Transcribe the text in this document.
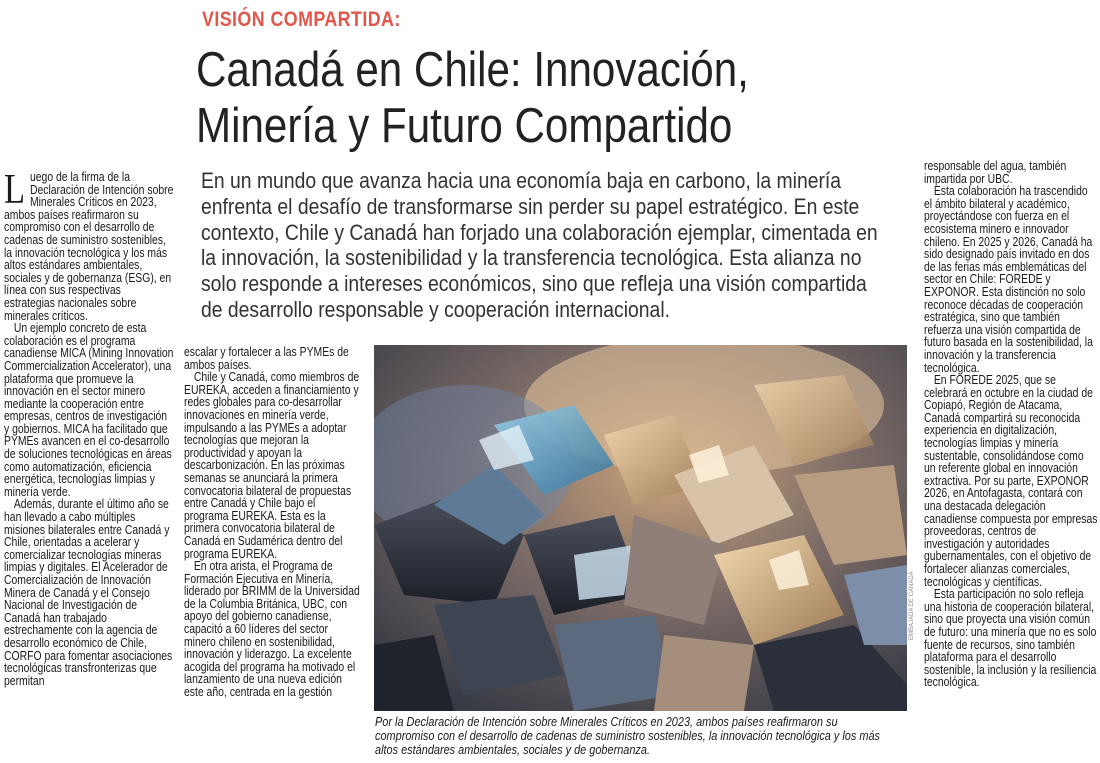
VISIÓN COMPARTIDA:
Canadá en Chile: Innovación,
Minería y Futuro Compartido

En un mundo que avanza hacia una economía baja en carbono, la minería enfrenta el desafío de transformarse sin perder su papel estratégico. En este contexto, Chile y Canadá han forjado una colaboración ejemplar, cimentada en la innovación, la sostenibilidad y la transferencia tecnológica. Esta alianza no solo responde a intereses económicos, sino que refleja una visión compartida de desarrollo responsable y cooperación internacional.

Luego de la firma de la Declaración de Intención sobre Minerales Críticos en 2023, ambos países reafirmaron su compromiso con el desarrollo de cadenas de suministro sostenibles, la innovación tecnológica y los más altos estándares ambientales, sociales y de gobernanza (ESG), en línea con sus respectivas estrategias nacionales sobre minerales críticos.

Un ejemplo concreto de esta colaboración es el programa canadiense MICA (Mining Innovation Commercialization Accelerator), una plataforma que promueve la innovación en el sector minero mediante la cooperación entre empresas, centros de investigación y gobiernos. MICA ha facilitado que PYMEs avancen en el co-desarrollo de soluciones tecnológicas en áreas como automatización, eficiencia energética, tecnologías limpias y minería verde.

Además, durante el último año se han llevado a cabo múltiples misiones bilaterales entre Canadá y Chile, orientadas a acelerar y comercializar tecnologías mineras limpias y digitales. El Acelerador de Comercialización de Innovación Minera de Canadá y el Consejo Nacional de Investigación de Canadá han trabajado estrechamente con la agencia de desarrollo económico de Chile, CORFO para fomentar asociaciones tecnológicas transfronterizas que permitan

escalar y fortalecer a las PYMEs de ambos países.

Chile y Canadá, como miembros de EUREKA, acceden a financiamiento y redes globales para co-desarrollar innovaciones en minería verde, impulsando a las PYMEs a adoptar tecnologías que mejoran la productividad y apoyan la descarbonización. En las próximas semanas se anunciará la primera convocatoria bilateral de propuestas entre Canadá y Chile bajo el programa EUREKA. Esta es la primera convocatoria bilateral de Canadá en Sudamérica dentro del programa EUREKA.

En otra arista, el Programa de Formación Ejecutiva en Minería, liderado por BRIMM de la Universidad de la Columbia Británica, UBC, con apoyo del gobierno canadiense, capacitó a 60 líderes del sector minero chileno en sostenibilidad, innovación y liderazgo. La excelente acogida del programa ha motivado el lanzamiento de una nueva edición este año, centrada en la gestión

responsable del agua, también impartida por UBC.

Esta colaboración ha trascendido el ámbito bilateral y académico, proyectándose con fuerza en el ecosistema minero e innovador chileno. En 2025 y 2026, Canadá ha sido designado país invitado en dos de las ferias más emblemáticas del sector en Chile: FOREDE y EXPONOR. Esta distinción no solo reconoce décadas de cooperación estratégica, sino que también refuerza una visión compartida de futuro basada en la sostenibilidad, la innovación y la transferencia tecnológica.

En FOREDE 2025, que se celebrará en octubre en la ciudad de Copiapó, Región de Atacama, Canadá compartirá su reconocida experiencia en digitalización, tecnologías limpias y minería sustentable, consolidándose como un referente global en innovación extractiva. Por su parte, EXPONOR 2026, en Antofagasta, contará con una destacada delegación canadiense compuesta por empresas proveedoras, centros de investigación y autoridades gubernamentales, con el objetivo de fortalecer alianzas comerciales, tecnológicas y científicas.

Esta participación no solo refleja una historia de cooperación bilateral, sino que proyecta una visión común de futuro: una minería que no es solo fuente de recursos, sino también plataforma para el desarrollo sostenible, la inclusión y la resiliencia tecnológica.

EMBAJADA DE CANADÁ
Por la Declaración de Intención sobre Minerales Críticos en 2023, ambos países reafirmaron su compromiso con el desarrollo de cadenas de suministro sostenibles, la innovación tecnológica y los más altos estándares ambientales, sociales y de gobernanza.
